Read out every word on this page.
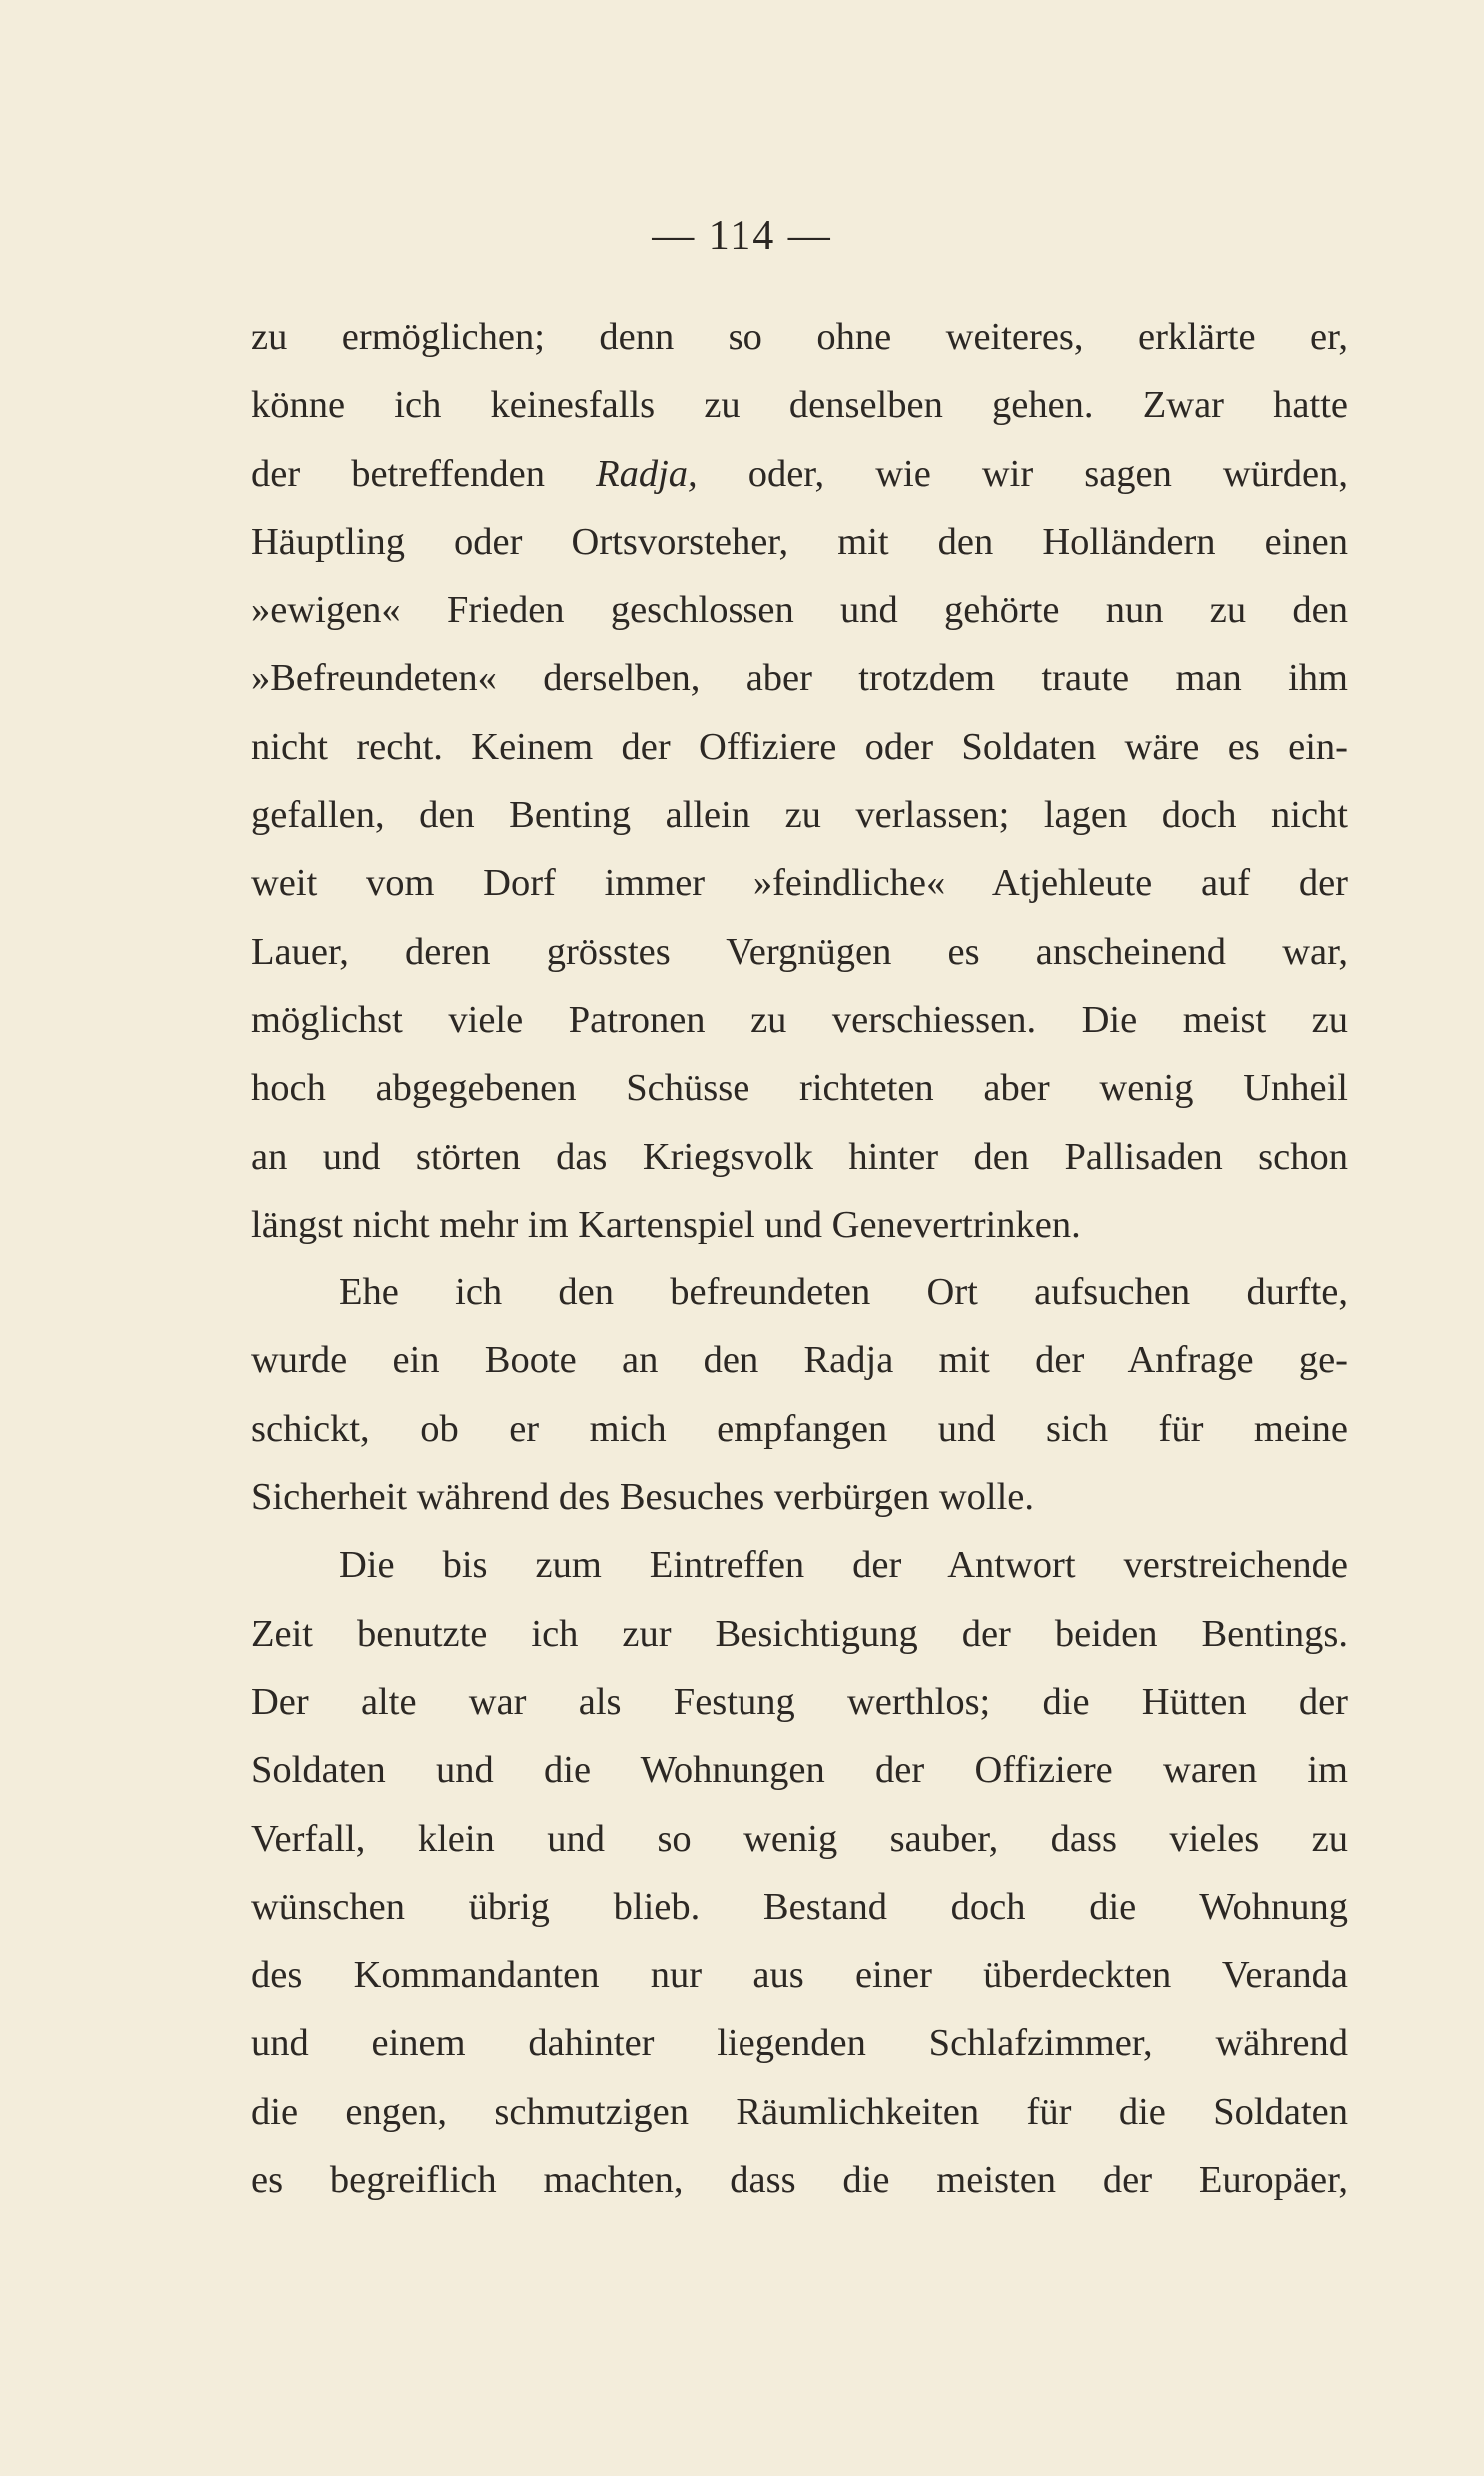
— 114 —
zu ermöglichen; denn so ohne weiteres, erklärte er,
könne ich keinesfalls zu denselben gehen. Zwar hatte
der betreffenden Radja, oder, wie wir sagen würden,
Häuptling oder Ortsvorsteher, mit den Holländern einen
»ewigen« Frieden geschlossen und gehörte nun zu den
»Befreundeten« derselben, aber trotzdem traute man ihm
nicht recht. Keinem der Offiziere oder Soldaten wäre es ein-
gefallen, den Benting allein zu verlassen; lagen doch nicht
weit vom Dorf immer »feindliche« Atjehleute auf der
Lauer, deren grösstes Vergnügen es anscheinend war,
möglichst viele Patronen zu verschiessen. Die meist zu
hoch abgegebenen Schüsse richteten aber wenig Unheil
an und störten das Kriegsvolk hinter den Pallisaden schon
längst nicht mehr im Kartenspiel und Genevertrinken.
Ehe ich den befreundeten Ort aufsuchen durfte,
wurde ein Boote an den Radja mit der Anfrage ge-
schickt, ob er mich empfangen und sich für meine
Sicherheit während des Besuches verbürgen wolle.
Die bis zum Eintreffen der Antwort verstreichende
Zeit benutzte ich zur Besichtigung der beiden Bentings.
Der alte war als Festung werthlos; die Hütten der
Soldaten und die Wohnungen der Offiziere waren im
Verfall, klein und so wenig sauber, dass vieles zu
wünschen übrig blieb. Bestand doch die Wohnung
des Kommandanten nur aus einer überdeckten Veranda
und einem dahinter liegenden Schlafzimmer, während
die engen, schmutzigen Räumlichkeiten für die Soldaten
es begreiflich machten, dass die meisten der Europäer,
